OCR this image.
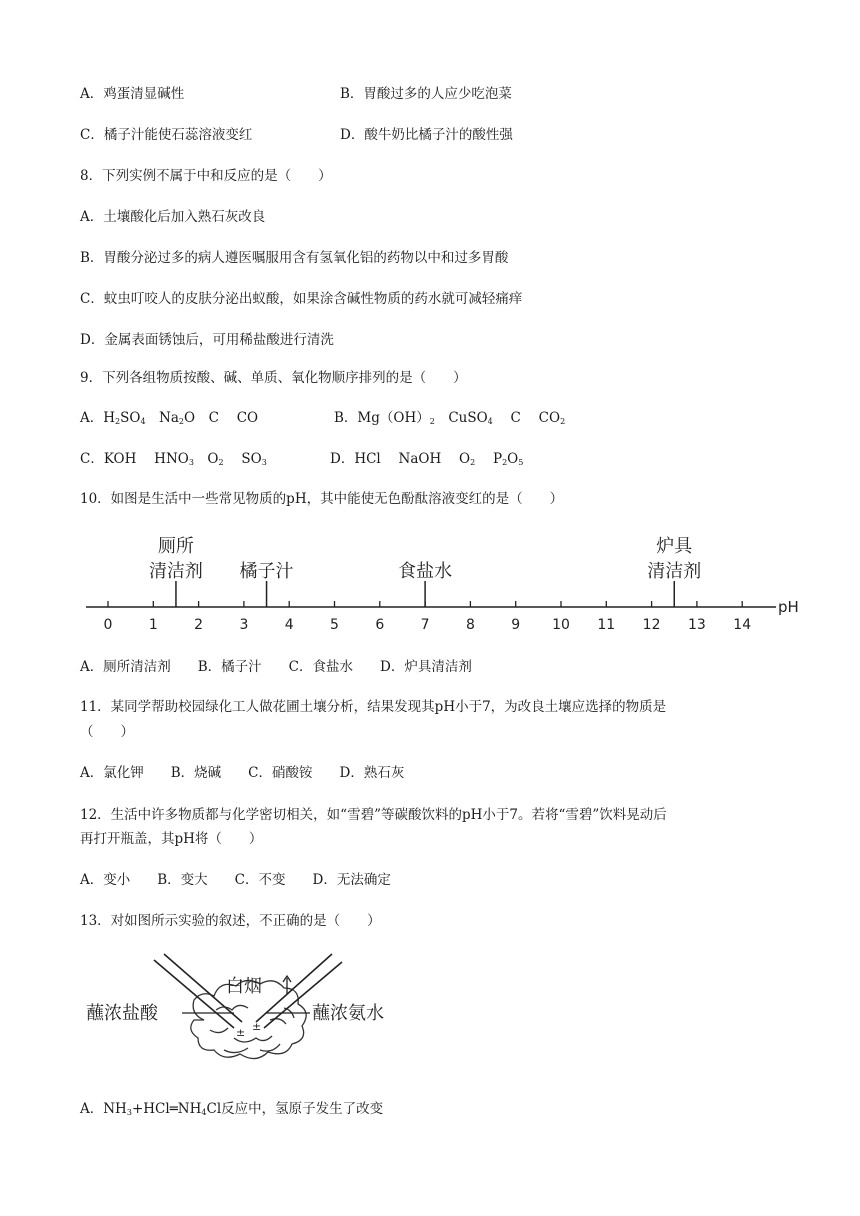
A．鸡蛋清显碱性	B．胃酸过多的人应少吃泡菜
C．橘子汁能使石蕊溶液变红	D．酸牛奶比橘子汁的酸性强
8．下列实例不属于中和反应的是（　　）
A．土壤酸化后加入熟石灰改良
B．胃酸分泌过多的病人遵医嘱服用含有氢氧化铝的药物以中和过多胃酸
C．蚊虫叮咬人的皮肤分泌出蚁酸，如果涂含碱性物质的药水就可减轻痛痒
D．金属表面锈蚀后，可用稀盐酸进行清洗
9．下列各组物质按酸、碱、单质、氧化物顺序排列的是（　　）
A．$H_2SO_4$　$Na_2O$　C　 CO	B．$Mg(OH)_2$　CuSO$_4$　 C　 $CO_2$
C．KOH　 $HNO_3$　$O_2$　 $SO_3$	D．HCl　 NaOH　 $O_2$　 $P_2O_5$
10．如图是生活中一些常见物质的pH，其中能使无色酚酞溶液变红的是（　　）
0	1	2	3	4	5	6	7	8	9 10 11 12 13 14
厕所
清洁剂 橘子汁	食盐水
炉具
清洁剂
pH
A．厕所清洁剂　　B．橘子汁　　C．食盐水　　D．炉具清洁剂
11．某同学帮助校园绿化工人做花圃土壤分析，结果发现其pH小于7，为改良土壤应选择的物质是
（　　）
A．氯化钾　　B．烧碱　　C．硝酸铵　　D．熟石灰
12．生活中许多物质都与化学密切相关，如“雪碧”等碳酸饮料的pH小于7。若将“雪碧”饮料晃动后
再打开瓶盖，其pH将（　　）
A．变小　　B．变大　　C．不变　　D．无法确定
13．对如图所示实验的叙述，不正确的是（　　）
± ±
蘸浓盐酸	蘸浓氨水
白烟
A．$NH_3+HCl═NH_4Cl$反应中，氢原子发生了改变
